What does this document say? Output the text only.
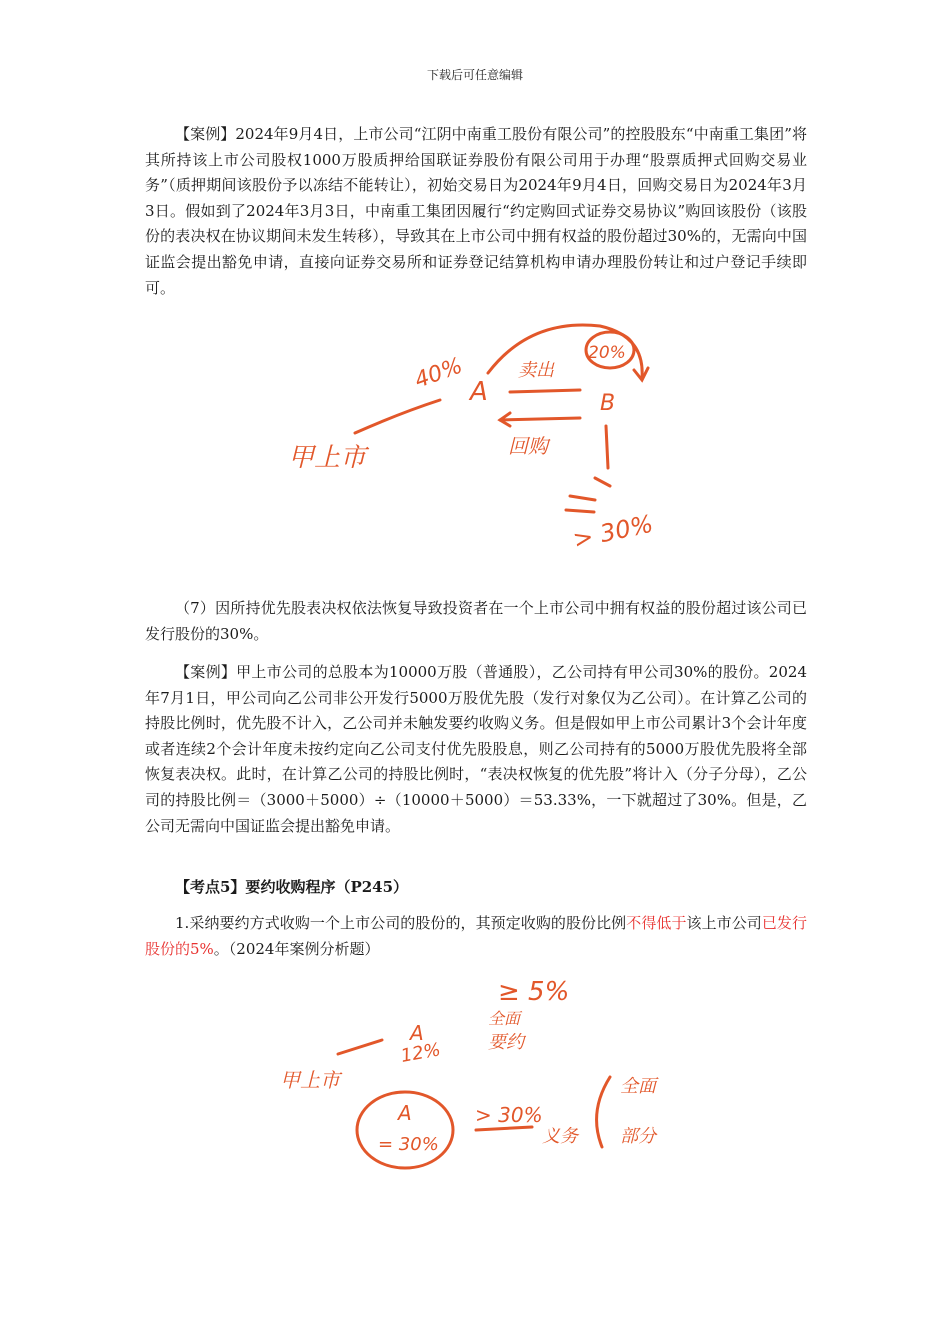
下载后可任意编辑

【案例】2024年9月4日，上市公司“江阴中南重工股份有限公司”的控股股东“中南重工集团”将其所持该上市公司股权1000万股质押给国联证券股份有限公司用于办理“股票质押式回购交易业务”（质押期间该股份予以冻结不能转让），初始交易日为2024年9月4日，回购交易日为2024年3月3日。假如到了2024年3月3日，中南重工集团因履行“约定购回式证券交易协议”购回该股份（该股份的表决权在协议期间未发生转移），导致其在上市公司中拥有权益的股份超过30%的，无需向中国证监会提出豁免申请，直接向证券交易所和证券登记结算机构申请办理股份转让和过户登记手续即可。

甲上市
40% A
20%
卖出
B
回购
> 30%

（7）因所持优先股表决权依法恢复导致投资者在一个上市公司中拥有权益的股份超过该公司已发行股份的30%。

【案例】甲上市公司的总股本为10000万股（普通股），乙公司持有甲公司30%的股份。2024年7月1日，甲公司向乙公司非公开发行5000万股优先股（发行对象仅为乙公司）。在计算乙公司的持股比例时，优先股不计入，乙公司并未触发要约收购义务。但是假如甲上市公司累计3个会计年度或者连续2个会计年度未按约定向乙公司支付优先股股息，则乙公司持有的5000万股优先股将全部恢复表决权。此时，在计算乙公司的持股比例时，“表决权恢复的优先股”将计入（分子分母），乙公司的持股比例＝（3000＋5000）÷（10000＋5000）＝53.33%，一下就超过了30%。但是，乙公司无需向中国证监会提出豁免申请。

【考点5】要约收购程序（P245）

1.采纳要约方式收购一个上市公司的股份的，其预定收购的股份比例不得低于该上市公司已发行股份的5%。（2024年案例分析题）

≥ 5%
全面
要约
甲上市
A
12%
A
= 30%
> 30%
义务
全面
部分
